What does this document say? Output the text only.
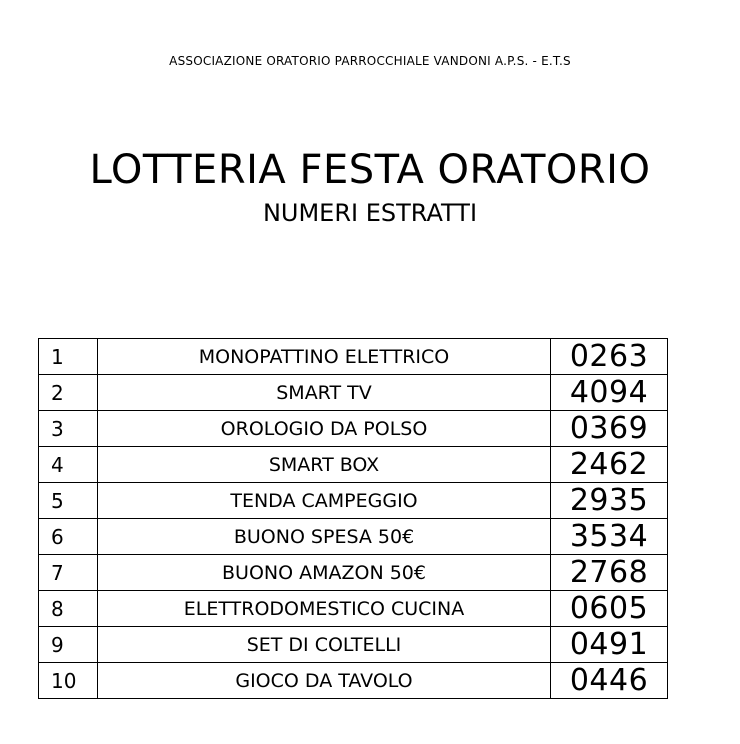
ASSOCIAZIONE ORATORIO PARROCCHIALE VANDONI A.P.S. - E.T.S
LOTTERIA FESTA ORATORIO
NUMERI ESTRATTI
1	MONOPATTINO ELETTRICO	0263
2	SMART TV	4094
3	OROLOGIO DA POLSO	0369
4	SMART BOX	2462
5	TENDA CAMPEGGIO	2935
6	BUONO SPESA 50€	3534
7	BUONO AMAZON 50€	2768
8	ELETTRODOMESTICO CUCINA	0605
9	SET DI COLTELLI	0491
10	GIOCO DA TAVOLO	0446
